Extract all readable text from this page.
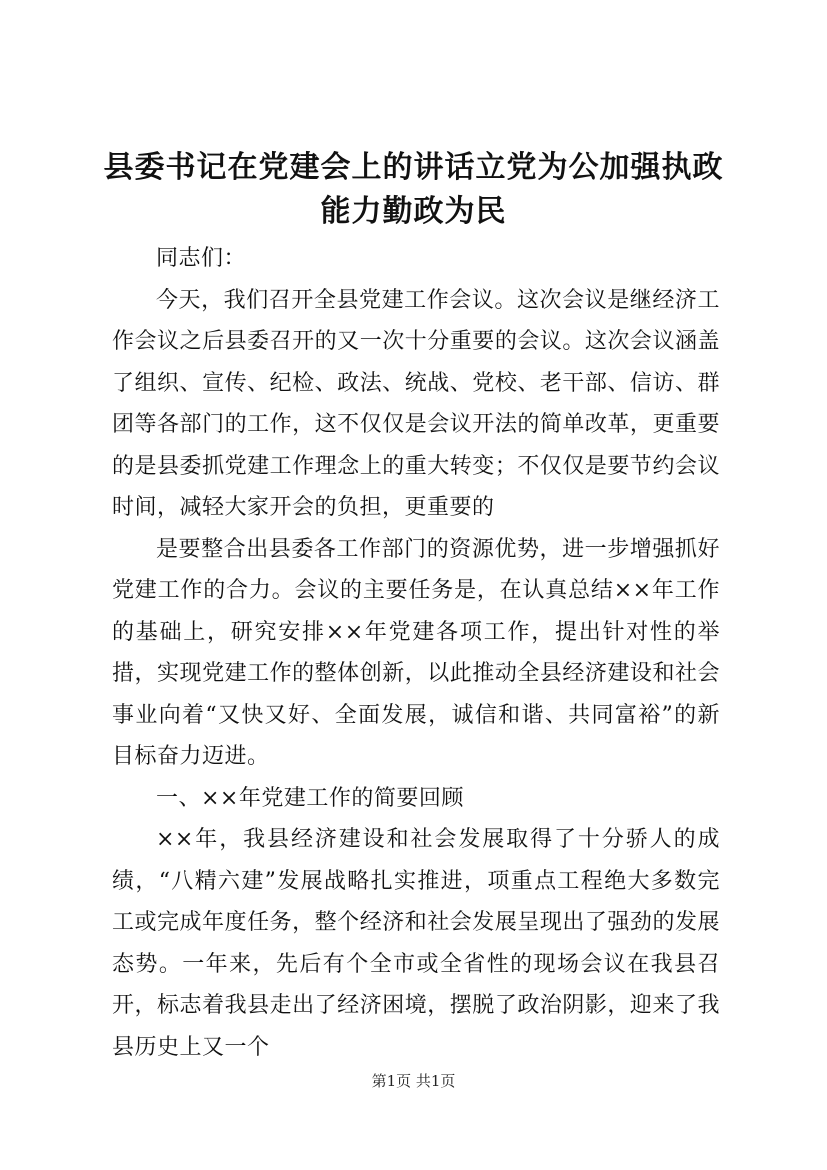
县委书记在党建会上的讲话立党为公加强执政能力勤政为民

同志们：

今天，我们召开全县党建工作会议。这次会议是继经济工作会议之后县委召开的又一次十分重要的会议。这次会议涵盖了组织、宣传、纪检、政法、统战、党校、老干部、信访、群团等各部门的工作，这不仅仅是会议开法的简单改革，更重要的是县委抓党建工作理念上的重大转变；不仅仅是要节约会议时间，减轻大家开会的负担，更重要的

是要整合出县委各工作部门的资源优势，进一步增强抓好党建工作的合力。会议的主要任务是，在认真总结××年工作的基础上，研究安排××年党建各项工作，提出针对性的举措，实现党建工作的整体创新，以此推动全县经济建设和社会事业向着“又快又好、全面发展，诚信和谐、共同富裕”的新目标奋力迈进。

一、××年党建工作的简要回顾

××年，我县经济建设和社会发展取得了十分骄人的成绩，“八精六建”发展战略扎实推进，项重点工程绝大多数完工或完成年度任务，整个经济和社会发展呈现出了强劲的发展态势。一年来，先后有个全市或全省性的现场会议在我县召开，标志着我县走出了经济困境，摆脱了政治阴影，迎来了我县历史上又一个

第1页 共1页
